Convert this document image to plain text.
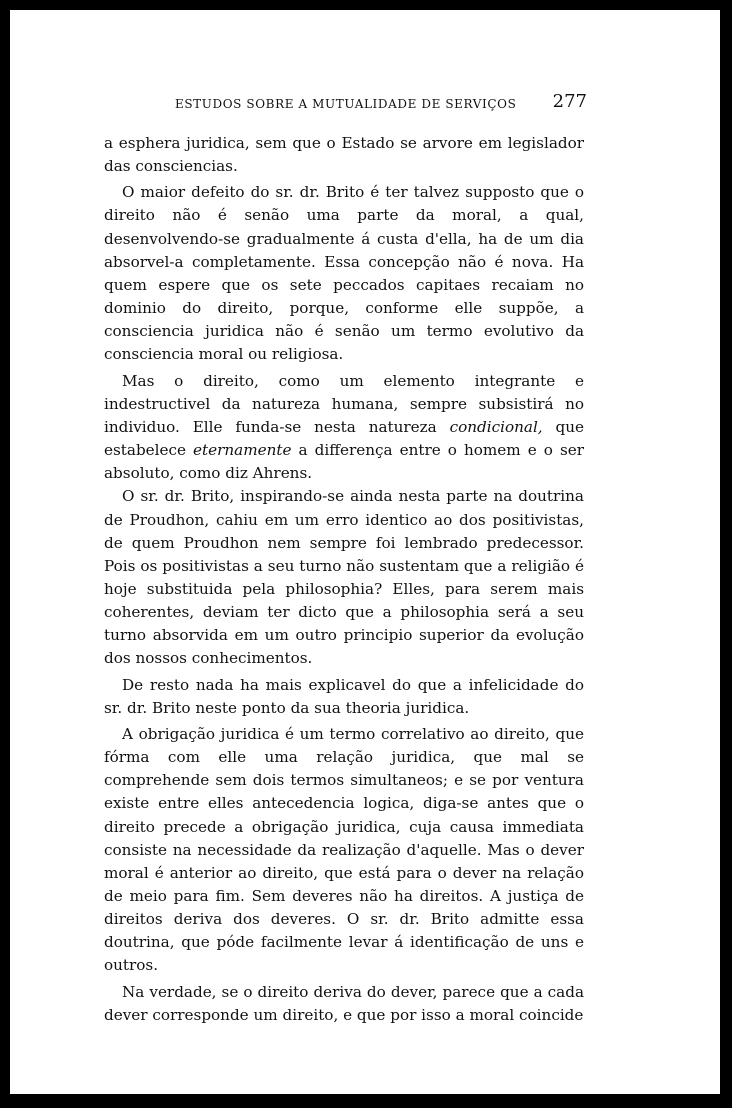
ESTUDOS SOBRE A MUTUALIDADE DE SERVIÇOS 277

a esphera juridica, sem que o Estado se arvore em legislador das consciencias.

O maior defeito do sr. dr. Brito é ter talvez supposto que o direito não é senão uma parte da moral, a qual, desenvolvendo-se gradualmente á custa d'ella, ha de um dia absorvel-a completamente. Essa concepção não é nova. Ha quem espere que os sete peccados capitaes recaiam no dominio do direito, porque, conforme elle suppõe, a consciencia juridica não é senão um termo evolutivo da consciencia moral ou religiosa.

Mas o direito, como um elemento integrante e indestructivel da natureza humana, sempre subsistirá no individuo. Elle funda-se nesta natureza condicional, que estabelece eternamente a differença entre o homem e o ser absoluto, como diz Ahrens.

O sr. dr. Brito, inspirando-se ainda nesta parte na doutrina de Proudhon, cahiu em um erro identico ao dos positivistas, de quem Proudhon nem sempre foi lembrado predecessor. Pois os positivistas a seu turno não sustentam que a religião é hoje substituida pela philosophia? Elles, para serem mais coherentes, deviam ter dicto que a philosophia será a seu turno absorvida em um outro principio superior da evolução dos nossos conhecimentos.

De resto nada ha mais explicavel do que a infelicidade do sr. dr. Brito neste ponto da sua theoria juridica.

A obrigação juridica é um termo correlativo ao direito, que fórma com elle uma relação juridica, que mal se comprehende sem dois termos simultaneos; e se por ventura existe entre elles antecedencia logica, diga-se antes que o direito precede a obrigação juridica, cuja causa immediata consiste na necessidade da realização d'aquelle. Mas o dever moral é anterior ao direito, que está para o dever na relação de meio para fim. Sem deveres não ha direitos. A justiça de direitos deriva dos deveres. O sr. dr. Brito admitte essa doutrina, que póde facilmente levar á identificação de uns e outros.

Na verdade, se o direito deriva do dever, parece que a cada dever corresponde um direito, e que por isso a moral coincide
